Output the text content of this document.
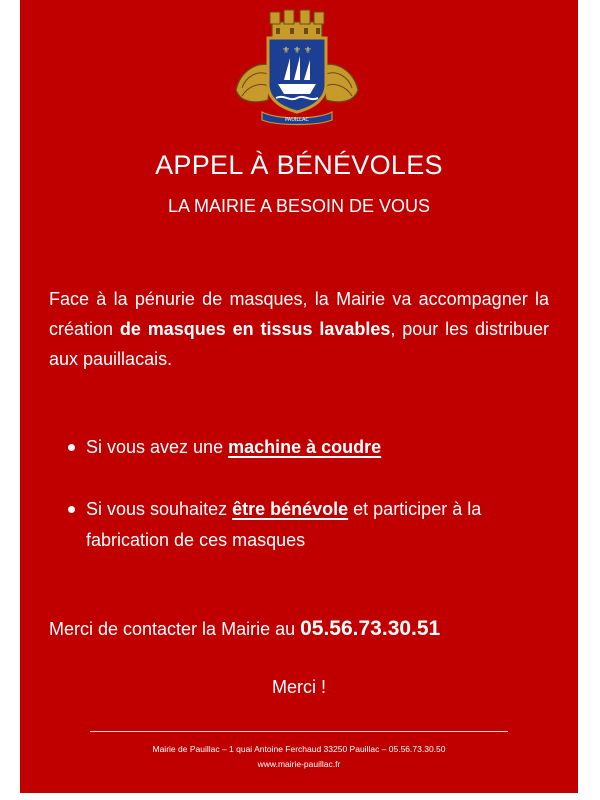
⚜ ⚜ ⚜
PAUILLAC
APPEL À BÉNÉVOLES
LA MAIRIE A BESOIN DE VOUS
Face à la pénurie de masques, la Mairie va accompagner la création de masques en tissus lavables, pour les distribuer aux pauillacais.
Si vous avez une machine à coudre
Si vous souhaitez être bénévole et participer à la fabrication de ces masques
Merci de contacter la Mairie au 05.56.73.30.51
Merci !
Mairie de Pauillac – 1 quai Antoine Ferchaud 33250 Pauillac – 05.56.73.30.50
www.mairie-pauillac.fr
